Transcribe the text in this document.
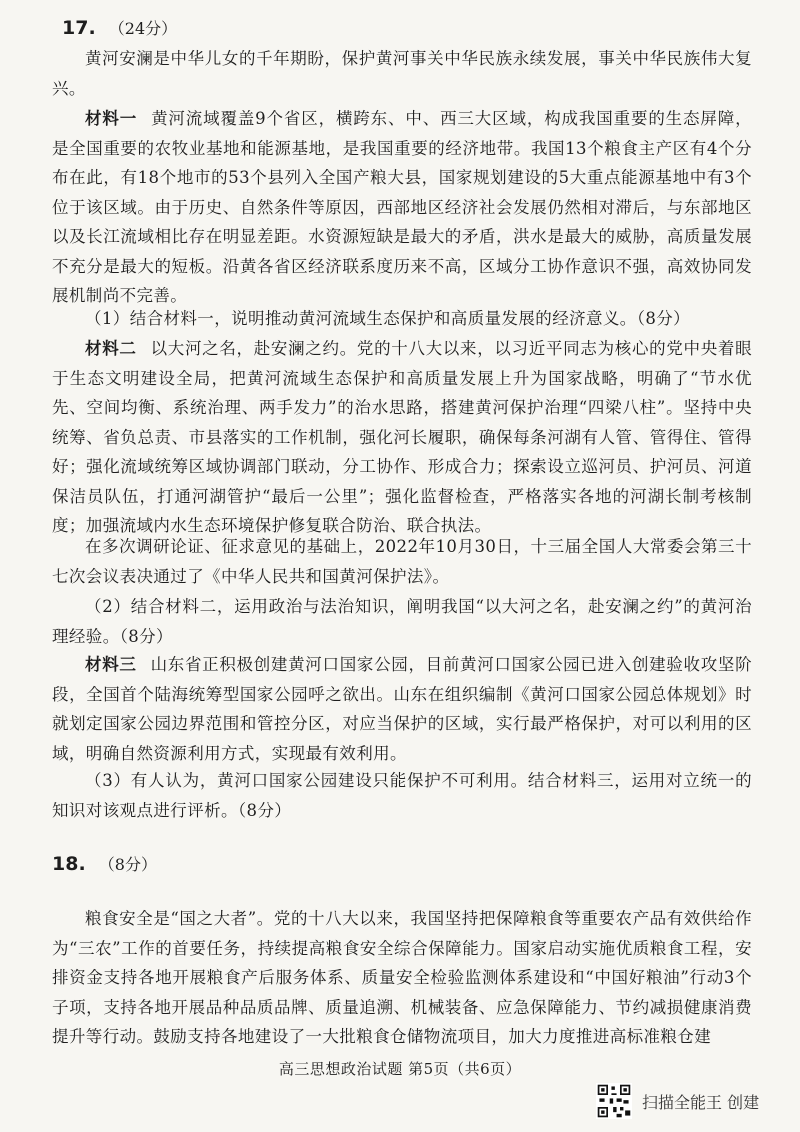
17. （24分）

黄河安澜是中华儿女的千年期盼，保护黄河事关中华民族永续发展，事关中华民族伟大复兴。

材料一 黄河流域覆盖9个省区，横跨东、中、西三大区域，构成我国重要的生态屏障，是全国重要的农牧业基地和能源基地，是我国重要的经济地带。我国13个粮食主产区有4个分布在此，有18个地市的53个县列入全国产粮大县，国家规划建设的5大重点能源基地中有3个位于该区域。由于历史、自然条件等原因，西部地区经济社会发展仍然相对滞后，与东部地区以及长江流域相比存在明显差距。水资源短缺是最大的矛盾，洪水是最大的威胁，高质量发展不充分是最大的短板。沿黄各省区经济联系度历来不高，区域分工协作意识不强，高效协同发展机制尚不完善。

（1）结合材料一，说明推动黄河流域生态保护和高质量发展的经济意义。（8分）

材料二 以大河之名，赴安澜之约。党的十八大以来，以习近平同志为核心的党中央着眼于生态文明建设全局，把黄河流域生态保护和高质量发展上升为国家战略，明确了“节水优先、空间均衡、系统治理、两手发力”的治水思路，搭建黄河保护治理“四梁八柱”。坚持中央统筹、省负总责、市县落实的工作机制，强化河长履职，确保每条河湖有人管、管得住、管得好；强化流域统筹区域协调部门联动，分工协作、形成合力；探索设立巡河员、护河员、河道保洁员队伍，打通河湖管护“最后一公里”；强化监督检查，严格落实各地的河湖长制考核制度；加强流域内水生态环境保护修复联合防治、联合执法。

在多次调研论证、征求意见的基础上，2022年10月30日，十三届全国人大常委会第三十七次会议表决通过了《中华人民共和国黄河保护法》。

（2）结合材料二，运用政治与法治知识，阐明我国“以大河之名，赴安澜之约”的黄河治理经验。（8分）

材料三 山东省正积极创建黄河口国家公园，目前黄河口国家公园已进入创建验收攻坚阶段，全国首个陆海统筹型国家公园呼之欲出。山东在组织编制《黄河口国家公园总体规划》时就划定国家公园边界范围和管控分区，对应当保护的区域，实行最严格保护，对可以利用的区域，明确自然资源利用方式，实现最有效利用。

（3）有人认为，黄河口国家公园建设只能保护不可利用。结合材料三，运用对立统一的知识对该观点进行评析。（8分）

18. （8分）

粮食安全是“国之大者”。党的十八大以来，我国坚持把保障粮食等重要农产品有效供给作为“三农”工作的首要任务，持续提高粮食安全综合保障能力。国家启动实施优质粮食工程，安排资金支持各地开展粮食产后服务体系、质量安全检验监测体系建设和“中国好粮油”行动3个子项，支持各地开展品种品质品牌、质量追溯、机械装备、应急保障能力、节约减损健康消费提升等行动。鼓励支持各地建设了一大批粮食仓储物流项目，加大力度推进高标准粮仓建

高三思想政治试题 第5页（共6页）
扫描全能王 创建
